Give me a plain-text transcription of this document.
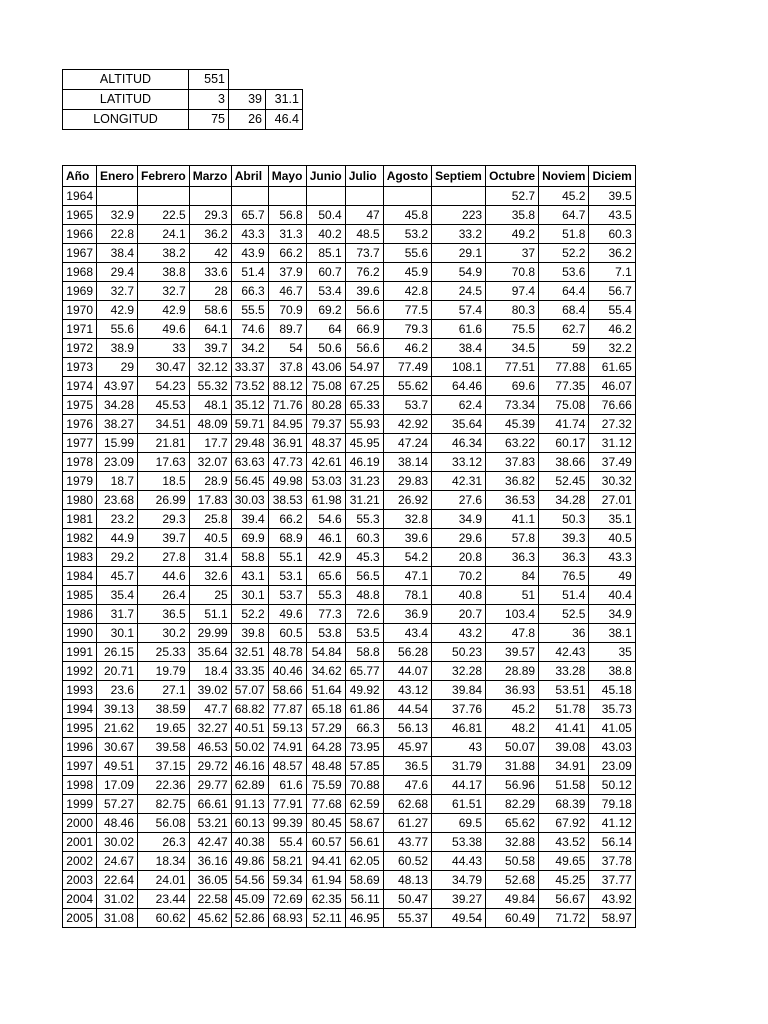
ALTITUD	551		
LATITUD	3	39	31.1
LONGITUD	75	26	46.4
Año	Enero	Febrero	Marzo	Abril	Mayo	Junio	Julio	Agosto	Septiem	Octubre	Noviem	Diciem
1964										52.7	45.2	39.5
1965	32.9	22.5	29.3	65.7	56.8	50.4	47	45.8	223	35.8	64.7	43.5
1966	22.8	24.1	36.2	43.3	31.3	40.2	48.5	53.2	33.2	49.2	51.8	60.3
1967	38.4	38.2	42	43.9	66.2	85.1	73.7	55.6	29.1	37	52.2	36.2
1968	29.4	38.8	33.6	51.4	37.9	60.7	76.2	45.9	54.9	70.8	53.6	7.1
1969	32.7	32.7	28	66.3	46.7	53.4	39.6	42.8	24.5	97.4	64.4	56.7
1970	42.9	42.9	58.6	55.5	70.9	69.2	56.6	77.5	57.4	80.3	68.4	55.4
1971	55.6	49.6	64.1	74.6	89.7	64	66.9	79.3	61.6	75.5	62.7	46.2
1972	38.9	33	39.7	34.2	54	50.6	56.6	46.2	38.4	34.5	59	32.2
1973	29	30.47	32.12	33.37	37.8	43.06	54.97	77.49	108.1	77.51	77.88	61.65
1974	43.97	54.23	55.32	73.52	88.12	75.08	67.25	55.62	64.46	69.6	77.35	46.07
1975	34.28	45.53	48.1	35.12	71.76	80.28	65.33	53.7	62.4	73.34	75.08	76.66
1976	38.27	34.51	48.09	59.71	84.95	79.37	55.93	42.92	35.64	45.39	41.74	27.32
1977	15.99	21.81	17.7	29.48	36.91	48.37	45.95	47.24	46.34	63.22	60.17	31.12
1978	23.09	17.63	32.07	63.63	47.73	42.61	46.19	38.14	33.12	37.83	38.66	37.49
1979	18.7	18.5	28.9	56.45	49.98	53.03	31.23	29.83	42.31	36.82	52.45	30.32
1980	23.68	26.99	17.83	30.03	38.53	61.98	31.21	26.92	27.6	36.53	34.28	27.01
1981	23.2	29.3	25.8	39.4	66.2	54.6	55.3	32.8	34.9	41.1	50.3	35.1
1982	44.9	39.7	40.5	69.9	68.9	46.1	60.3	39.6	29.6	57.8	39.3	40.5
1983	29.2	27.8	31.4	58.8	55.1	42.9	45.3	54.2	20.8	36.3	36.3	43.3
1984	45.7	44.6	32.6	43.1	53.1	65.6	56.5	47.1	70.2	84	76.5	49
1985	35.4	26.4	25	30.1	53.7	55.3	48.8	78.1	40.8	51	51.4	40.4
1986	31.7	36.5	51.1	52.2	49.6	77.3	72.6	36.9	20.7	103.4	52.5	34.9
1990	30.1	30.2	29.99	39.8	60.5	53.8	53.5	43.4	43.2	47.8	36	38.1
1991	26.15	25.33	35.64	32.51	48.78	54.84	58.8	56.28	50.23	39.57	42.43	35
1992	20.71	19.79	18.4	33.35	40.46	34.62	65.77	44.07	32.28	28.89	33.28	38.8
1993	23.6	27.1	39.02	57.07	58.66	51.64	49.92	43.12	39.84	36.93	53.51	45.18
1994	39.13	38.59	47.7	68.82	77.87	65.18	61.86	44.54	37.76	45.2	51.78	35.73
1995	21.62	19.65	32.27	40.51	59.13	57.29	66.3	56.13	46.81	48.2	41.41	41.05
1996	30.67	39.58	46.53	50.02	74.91	64.28	73.95	45.97	43	50.07	39.08	43.03
1997	49.51	37.15	29.72	46.16	48.57	48.48	57.85	36.5	31.79	31.88	34.91	23.09
1998	17.09	22.36	29.77	62.89	61.6	75.59	70.88	47.6	44.17	56.96	51.58	50.12
1999	57.27	82.75	66.61	91.13	77.91	77.68	62.59	62.68	61.51	82.29	68.39	79.18
2000	48.46	56.08	53.21	60.13	99.39	80.45	58.67	61.27	69.5	65.62	67.92	41.12
2001	30.02	26.3	42.47	40.38	55.4	60.57	56.61	43.77	53.38	32.88	43.52	56.14
2002	24.67	18.34	36.16	49.86	58.21	94.41	62.05	60.52	44.43	50.58	49.65	37.78
2003	22.64	24.01	36.05	54.56	59.34	61.94	58.69	48.13	34.79	52.68	45.25	37.77
2004	31.02	23.44	22.58	45.09	72.69	62.35	56.11	50.47	39.27	49.84	56.67	43.92
2005	31.08	60.62	45.62	52.86	68.93	52.11	46.95	55.37	49.54	60.49	71.72	58.97
